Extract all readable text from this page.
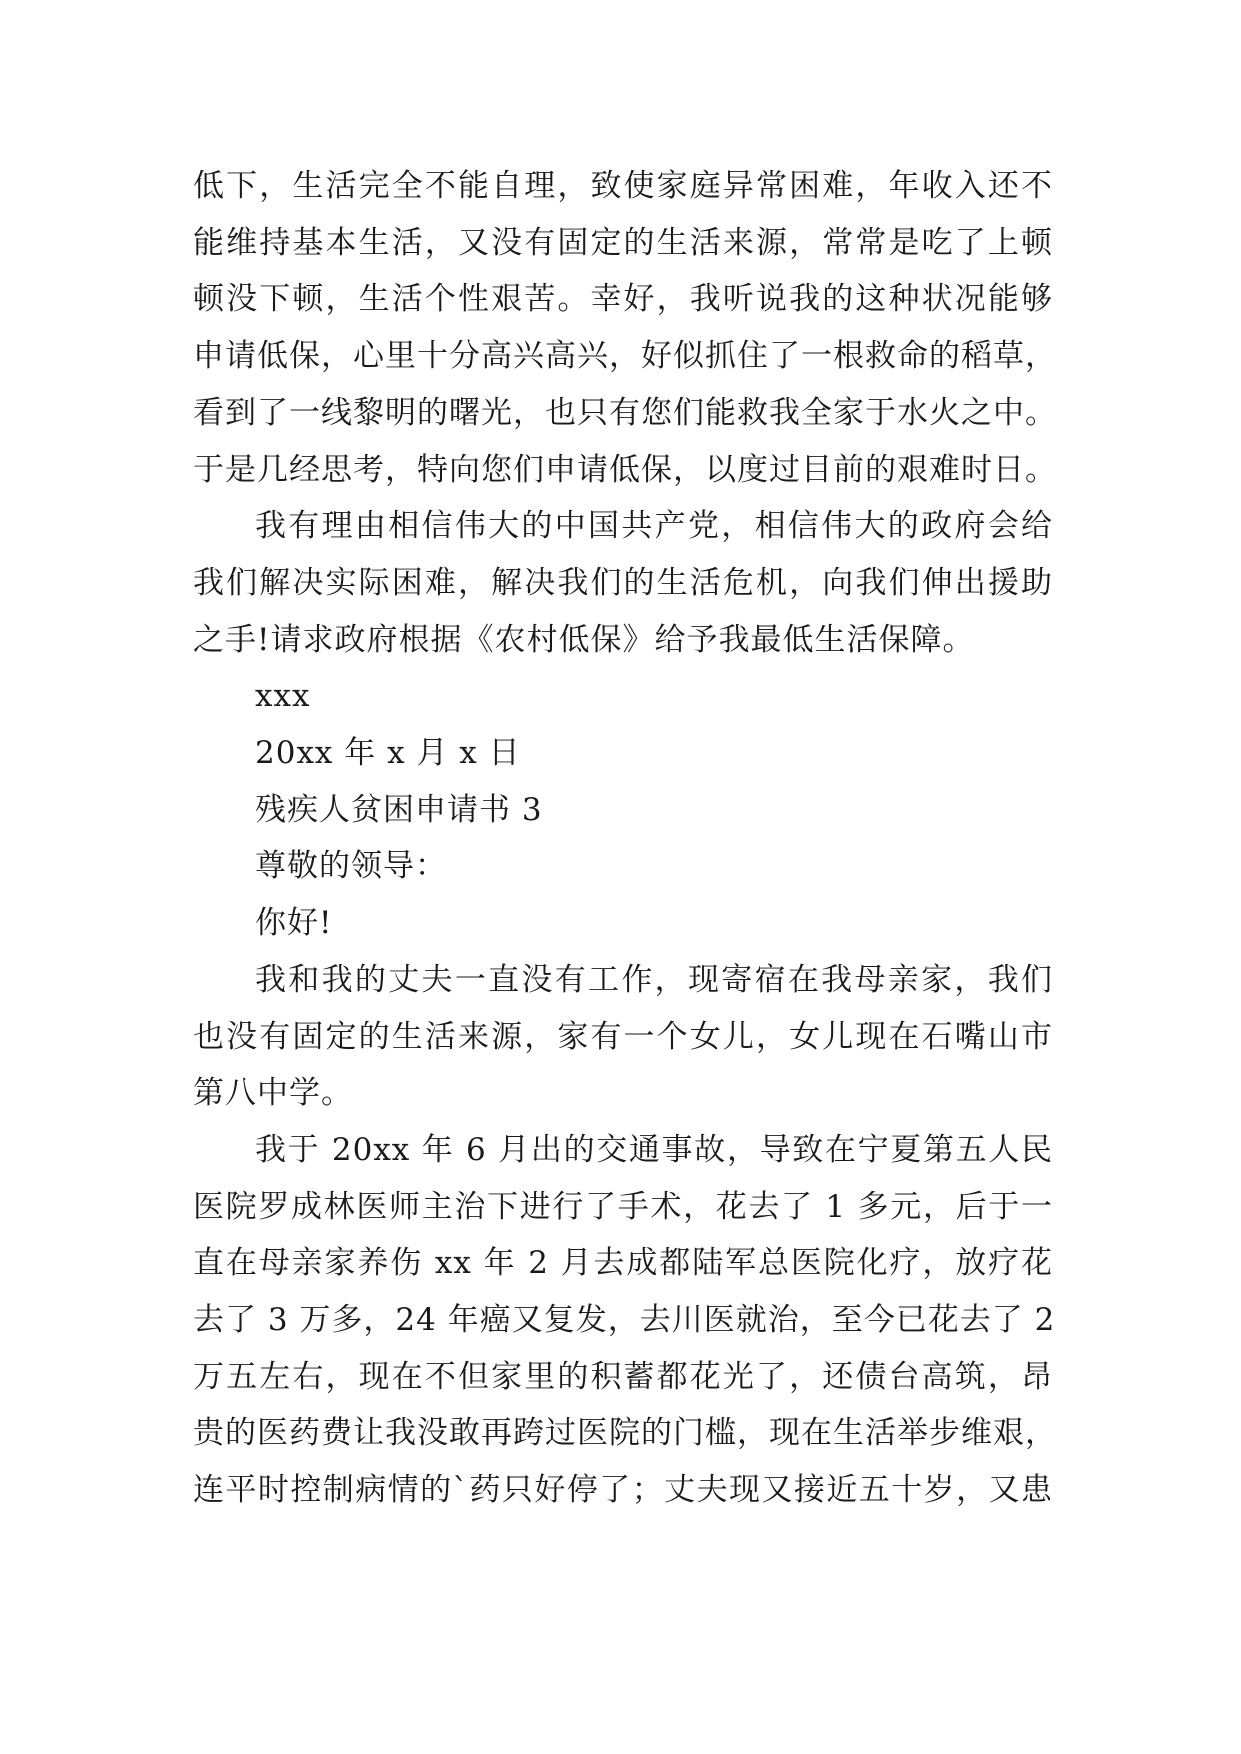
低下，生活完全不能自理，致使家庭异常困难，年收入还不
能维持基本生活，又没有固定的生活来源，常常是吃了上顿
顿没下顿，生活个性艰苦。幸好，我听说我的这种状况能够
申请低保，心里十分高兴高兴，好似抓住了一根救命的稻草，
看到了一线黎明的曙光，也只有您们能救我全家于水火之中。
于是几经思考，特向您们申请低保，以度过目前的艰难时日。
我有理由相信伟大的中国共产党，相信伟大的政府会给
我们解决实际困难，解决我们的生活危机，向我们伸出援助
之手!请求政府根据《农村低保》给予我最低生活保障。
xxx
20xx 年 x 月 x 日
残疾人贫困申请书 3
尊敬的领导：
你好!
我和我的丈夫一直没有工作，现寄宿在我母亲家，我们
也没有固定的生活来源，家有一个女儿，女儿现在石嘴山市
第八中学。
我于 20xx 年 6 月出的交通事故，导致在宁夏第五人民
医院罗成林医师主治下进行了手术，花去了 1 多元，后于一
直在母亲家养伤 xx 年 2 月去成都陆军总医院化疗，放疗花
去了 3 万多，24 年癌又复发，去川医就治，至今已花去了 2
万五左右，现在不但家里的积蓄都花光了，还债台高筑，昂
贵的医药费让我没敢再跨过医院的门槛，现在生活举步维艰，
连平时控制病情的`药只好停了；丈夫现又接近五十岁，又患
